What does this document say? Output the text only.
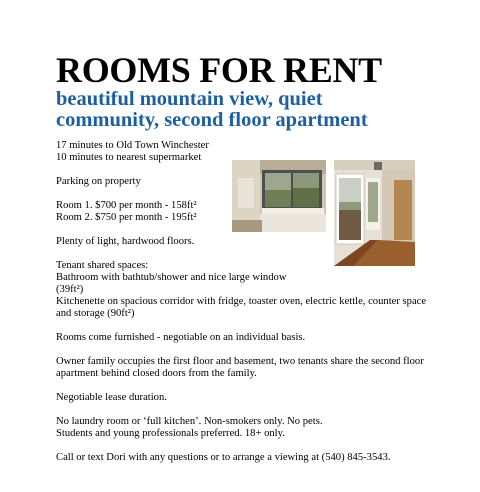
ROOMS FOR RENT
beautiful mountain view, quiet
community, second floor apartment

17 minutes to Old Town Winchester
10 minutes to nearest supermarket

Parking on property

Room 1. $700 per month - 158ft²
Room 2. $750 per month - 195ft²

Plenty of light, hardwood floors.

Tenant shared spaces:
Bathroom with bathtub/shower and nice large window
(39ft²)
Kitchenette on spacious corridor with fridge, toaster oven, electric kettle, counter space and storage (90ft²)

Rooms come furnished - negotiable on an individual basis.

Owner family occupies the first floor and basement, two tenants share the second floor apartment behind closed doors from the family.

Negotiable lease duration.

No laundry room or ‘full kitchen’. Non-smokers only. No pets.
Students and young professionals preferred. 18+ only.

Call or text Dori with any questions or to arrange a viewing at (540) 845-3543.
